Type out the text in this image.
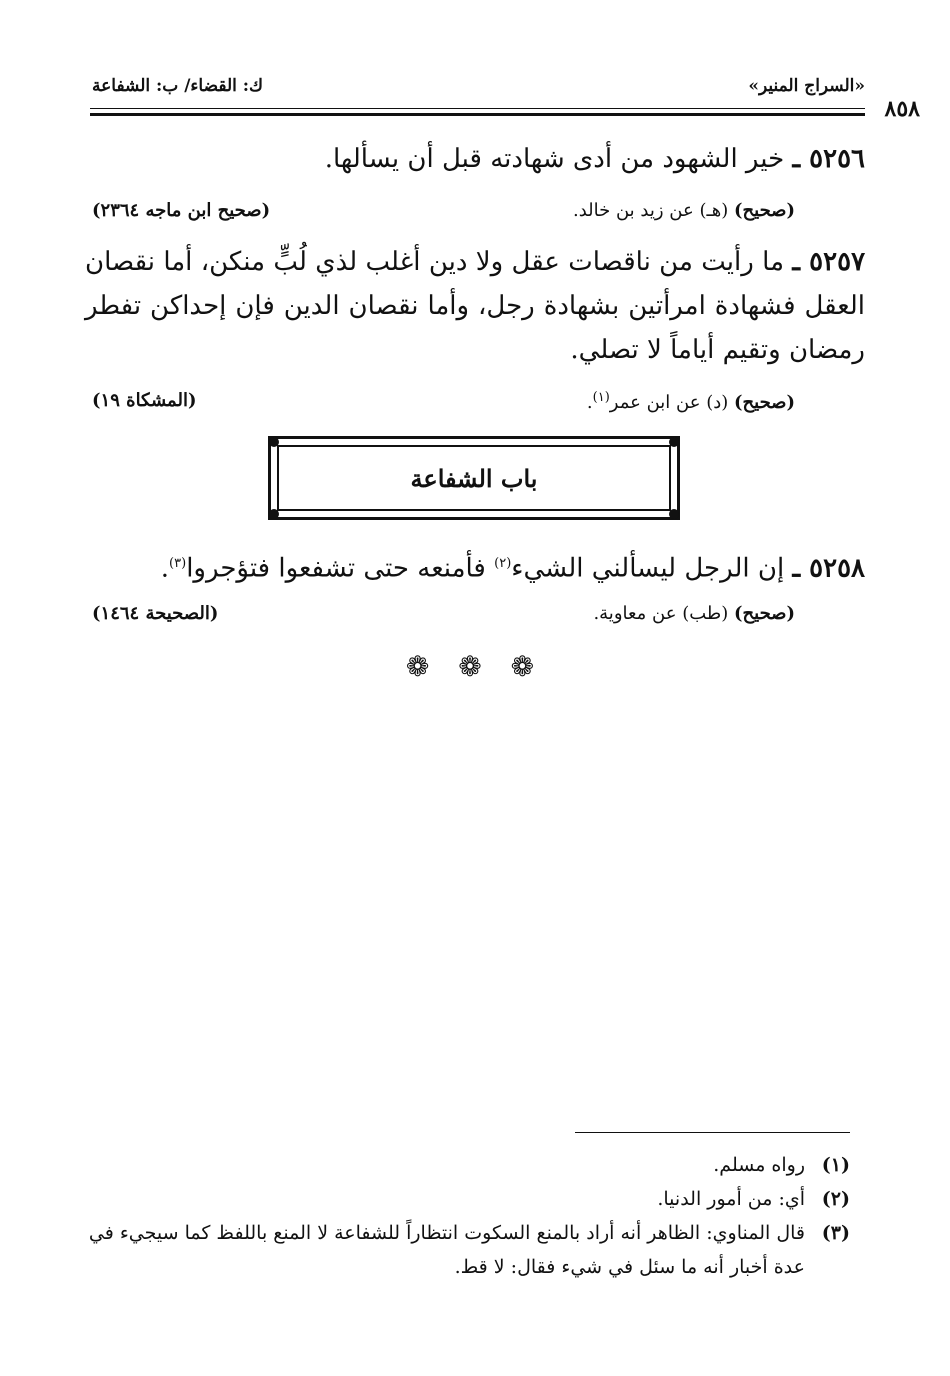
«السراج المنير»
ك: القضاء/ ب: الشفاعة
٨٥٨
٥٢٥٦ ـ خير الشهود من أدى شهادته قبل أن يسألها.
(صحيح) (هـ) عن زيد بن خالد.
(صحيح ابن ماجه ٢٣٦٤)
٥٢٥٧ ـ ما رأيت من ناقصات عقل ولا دين أغلب لذي لُبٍّ منكن، أما نقصان العقل فشهادة امرأتين بشهادة رجل، وأما نقصان الدين فإن إحداكن تفطر رمضان وتقيم أياماً لا تصلي.
(صحيح) (د) عن ابن عمر$^{(١)}$.
(المشكاة ١٩)
باب الشفاعة
٥٢٥٨ ـ إن الرجل ليسألني الشيء$^{(٢)}$ فأمنعه حتى تشفعوا فتؤجروا$^{(٣)}$.
(صحيح) (طب) عن معاوية.
(الصحيحة ١٤٦٤)
❁ ❁ ❁
(١)
رواه مسلم.
(٢)
أي: من أمور الدنيا.
(٣)
قال المناوي: الظاهر أنه أراد بالمنع السكوت انتظاراً للشفاعة لا المنع باللفظ كما سيجيء في عدة أخبار أنه ما سئل في شيء فقال: لا قط.
